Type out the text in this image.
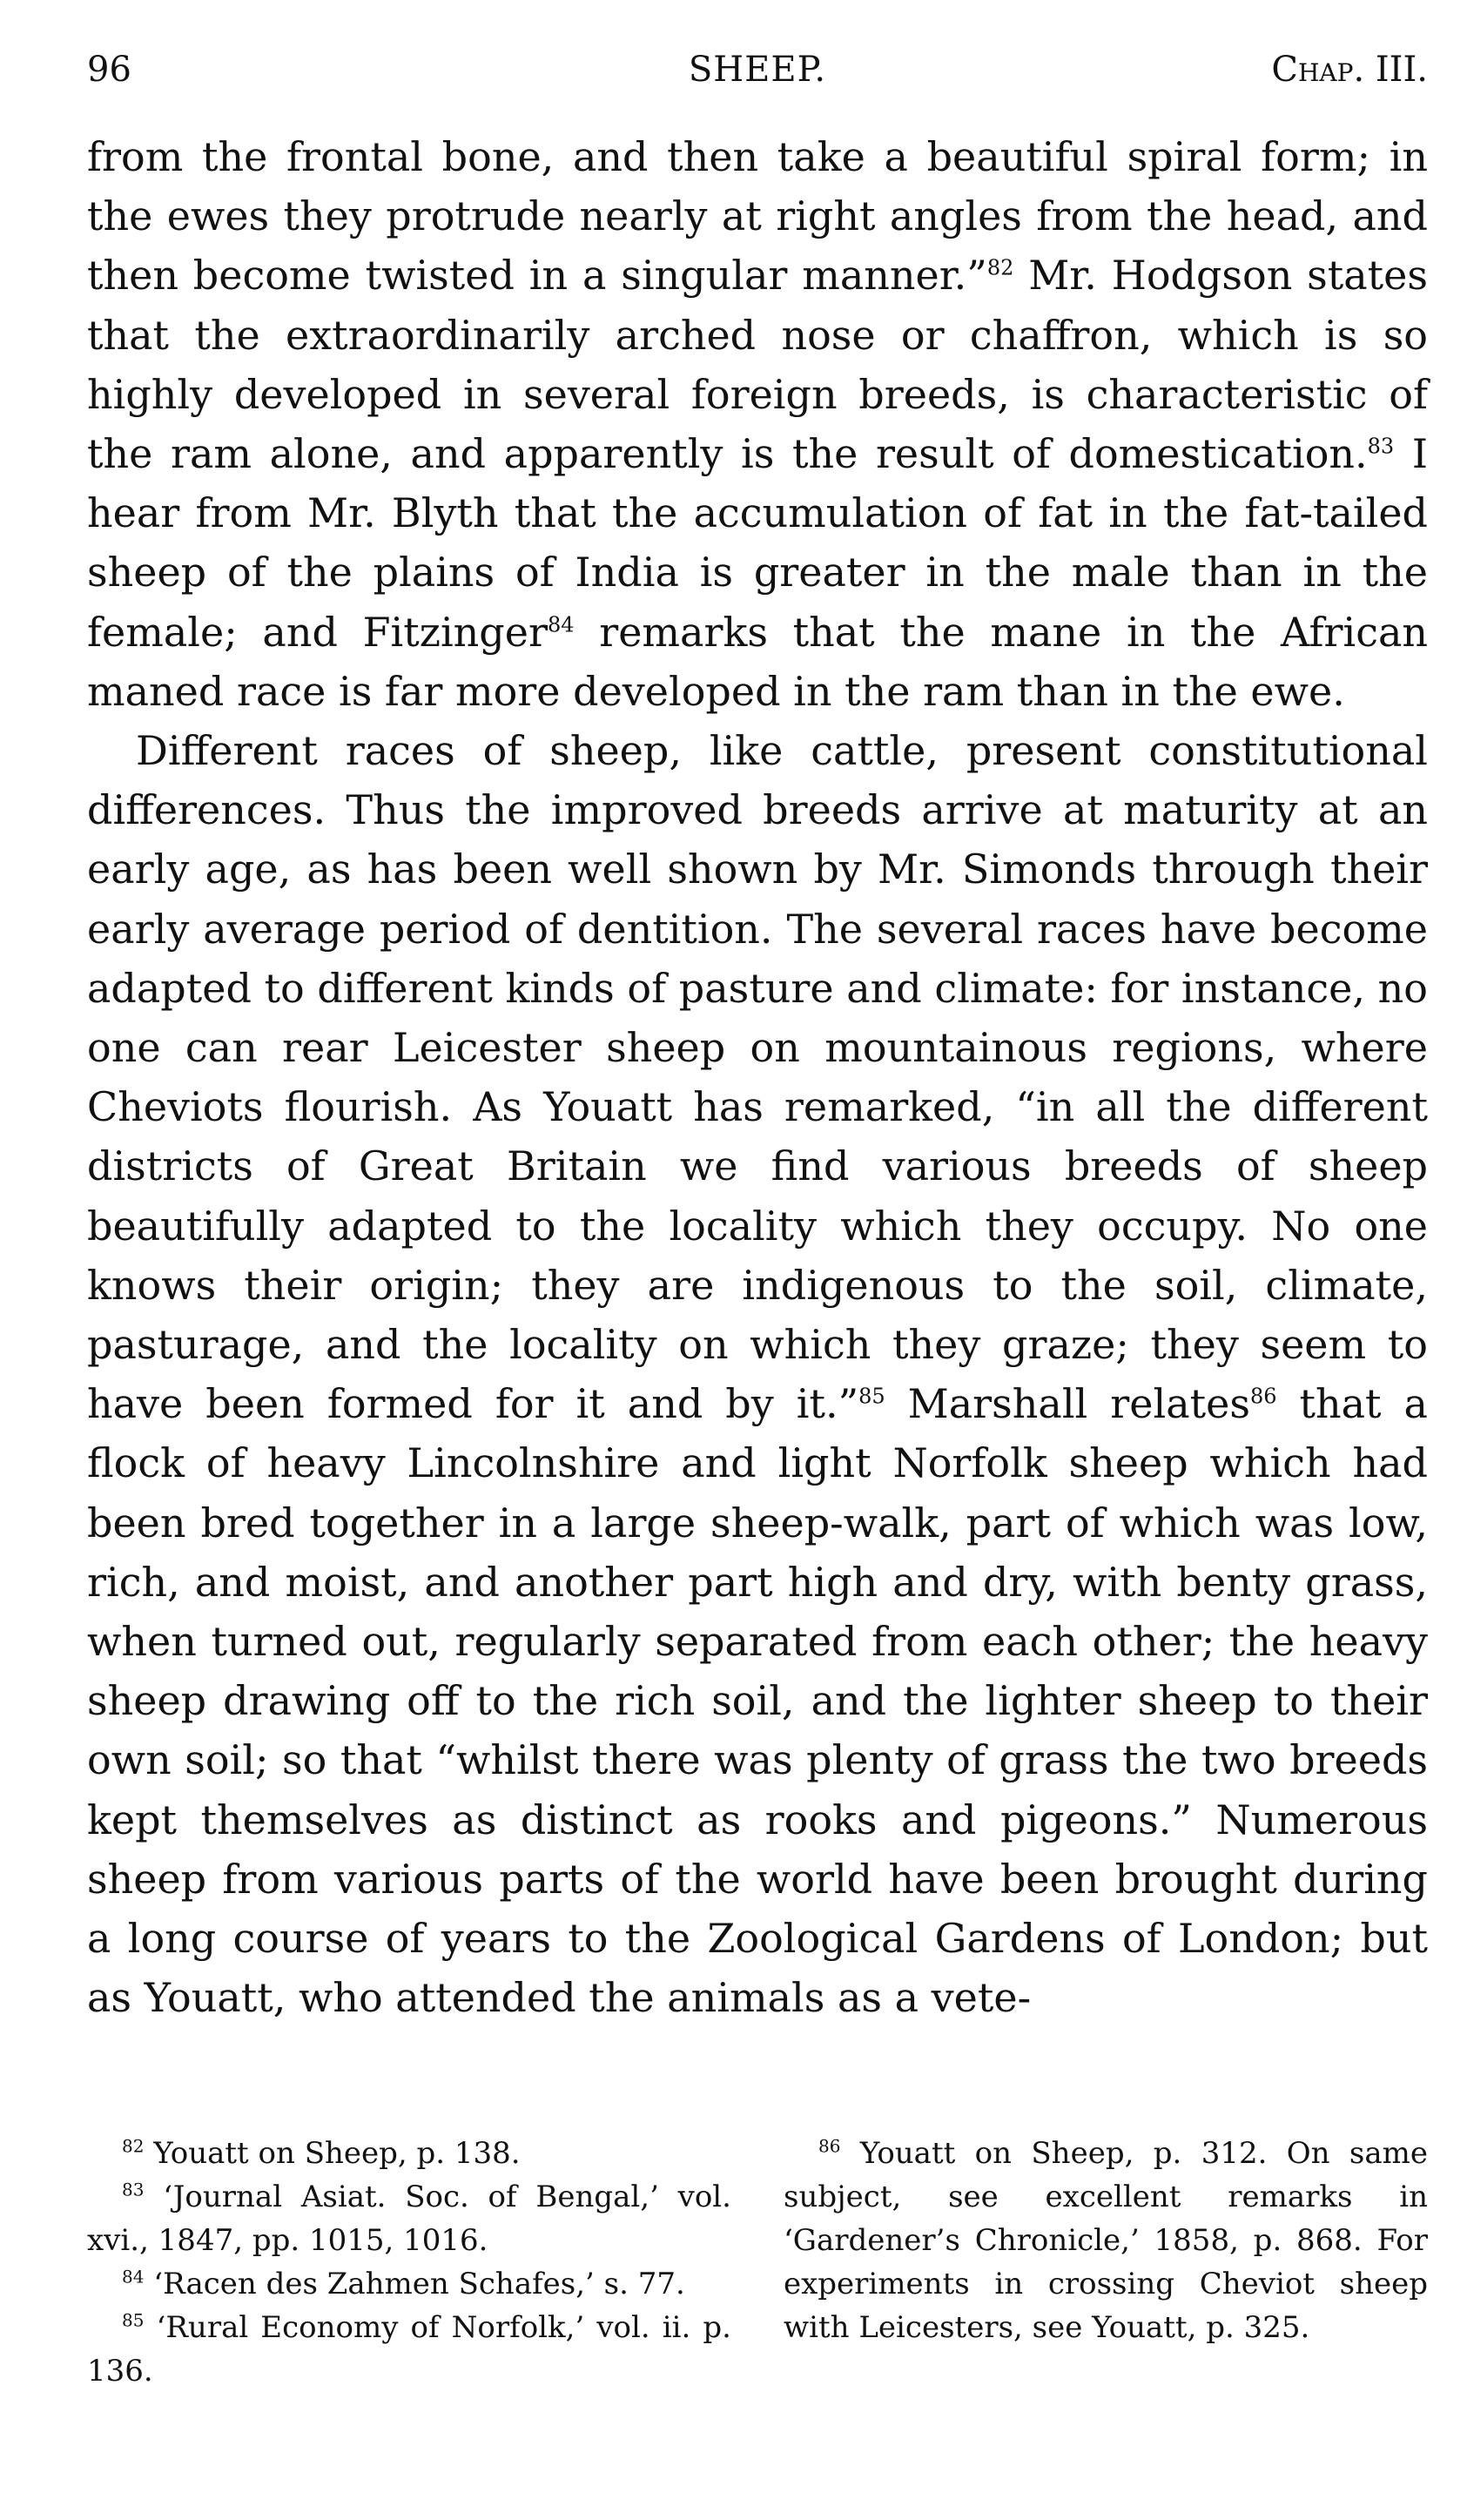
96	SHEEP.	Chap. III.

from the frontal bone, and then take a beautiful spiral form; in the ewes they protrude nearly at right angles from the head, and then become twisted in a singular manner.”$^{82}$ Mr. Hodgson states that the extraordinarily arched nose or chaffron, which is so highly developed in several foreign breeds, is characteristic of the ram alone, and apparently is the result of domestication.$^{83}$ I hear from Mr. Blyth that the accumulation of fat in the fat-tailed sheep of the plains of India is greater in the male than in the female; and Fitzinger$^{84}$ remarks that the mane in the African maned race is far more developed in the ram than in the ewe.

Different races of sheep, like cattle, present constitutional differences. Thus the improved breeds arrive at maturity at an early age, as has been well shown by Mr. Simonds through their early average period of dentition. The several races have become adapted to different kinds of pasture and climate: for instance, no one can rear Leicester sheep on mountainous regions, where Cheviots flourish. As Youatt has remarked, “in all the different districts of Great Britain we find various breeds of sheep beautifully adapted to the locality which they occupy. No one knows their origin; they are indigenous to the soil, climate, pasturage, and the locality on which they graze; they seem to have been formed for it and by it.”$^{85}$ Marshall relates$^{86}$ that a flock of heavy Lincolnshire and light Norfolk sheep which had been bred together in a large sheep-walk, part of which was low, rich, and moist, and another part high and dry, with benty grass, when turned out, regularly separated from each other; the heavy sheep drawing off to the rich soil, and the lighter sheep to their own soil; so that “whilst there was plenty of grass the two breeds kept themselves as distinct as rooks and pigeons.” Numerous sheep from various parts of the world have been brought during a long course of years to the Zoological Gardens of London; but as Youatt, who attended the animals as a vete-

$^{82}$ Youatt on Sheep, p. 138.

$^{83}$ ‘Journal Asiat. Soc. of Bengal,’ vol. xvi., 1847, pp. 1015, 1016.

$^{84}$ ‘Racen des Zahmen Schafes,’ s. 77.

$^{85}$ ‘Rural Economy of Norfolk,’ vol. ii. p. 136.

$^{86}$ Youatt on Sheep, p. 312. On same subject, see excellent remarks in ‘Gardener’s Chronicle,’ 1858, p. 868. For experiments in crossing Cheviot sheep with Leicesters, see Youatt, p. 325.
